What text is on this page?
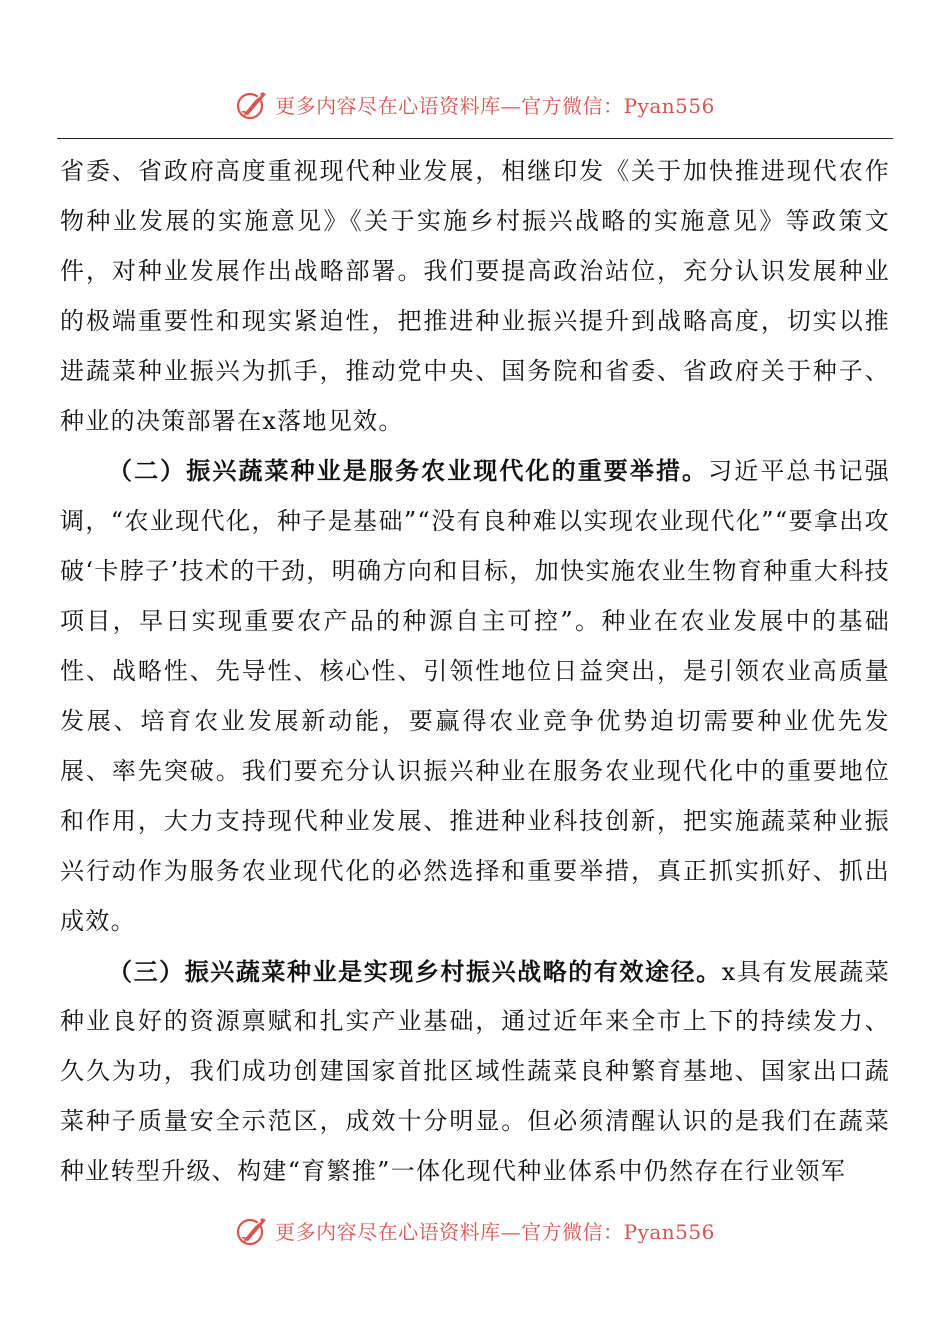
更多内容尽在心语资料库—官方微信：Pyan556

省委、省政府高度重视现代种业发展，相继印发《关于加快推进现代农作物种业发展的实施意见》《关于实施乡村振兴战略的实施意见》等政策文件，对种业发展作出战略部署。我们要提高政治站位，充分认识发展种业的极端重要性和现实紧迫性，把推进种业振兴提升到战略高度，切实以推进蔬菜种业振兴为抓手，推动党中央、国务院和省委、省政府关于种子、种业的决策部署在x落地见效。

（二）振兴蔬菜种业是服务农业现代化的重要举措。习近平总书记强调，“农业现代化，种子是基础”“没有良种难以实现农业现代化”“要拿出攻破‘卡脖子’技术的干劲，明确方向和目标，加快实施农业生物育种重大科技项目，早日实现重要农产品的种源自主可控”。种业在农业发展中的基础性、战略性、先导性、核心性、引领性地位日益突出，是引领农业高质量发展、培育农业发展新动能，要赢得农业竞争优势迫切需要种业优先发展、率先突破。我们要充分认识振兴种业在服务农业现代化中的重要地位和作用，大力支持现代种业发展、推进种业科技创新，把实施蔬菜种业振兴行动作为服务农业现代化的必然选择和重要举措，真正抓实抓好、抓出成效。

（三）振兴蔬菜种业是实现乡村振兴战略的有效途径。x具有发展蔬菜种业良好的资源禀赋和扎实产业基础，通过近年来全市上下的持续发力、久久为功，我们成功创建国家首批区域性蔬菜良种繁育基地、国家出口蔬菜种子质量安全示范区，成效十分明显。但必须清醒认识的是我们在蔬菜种业转型升级、构建“育繁推”一体化现代种业体系中仍然存在行业领军

更多内容尽在心语资料库—官方微信：Pyan556
